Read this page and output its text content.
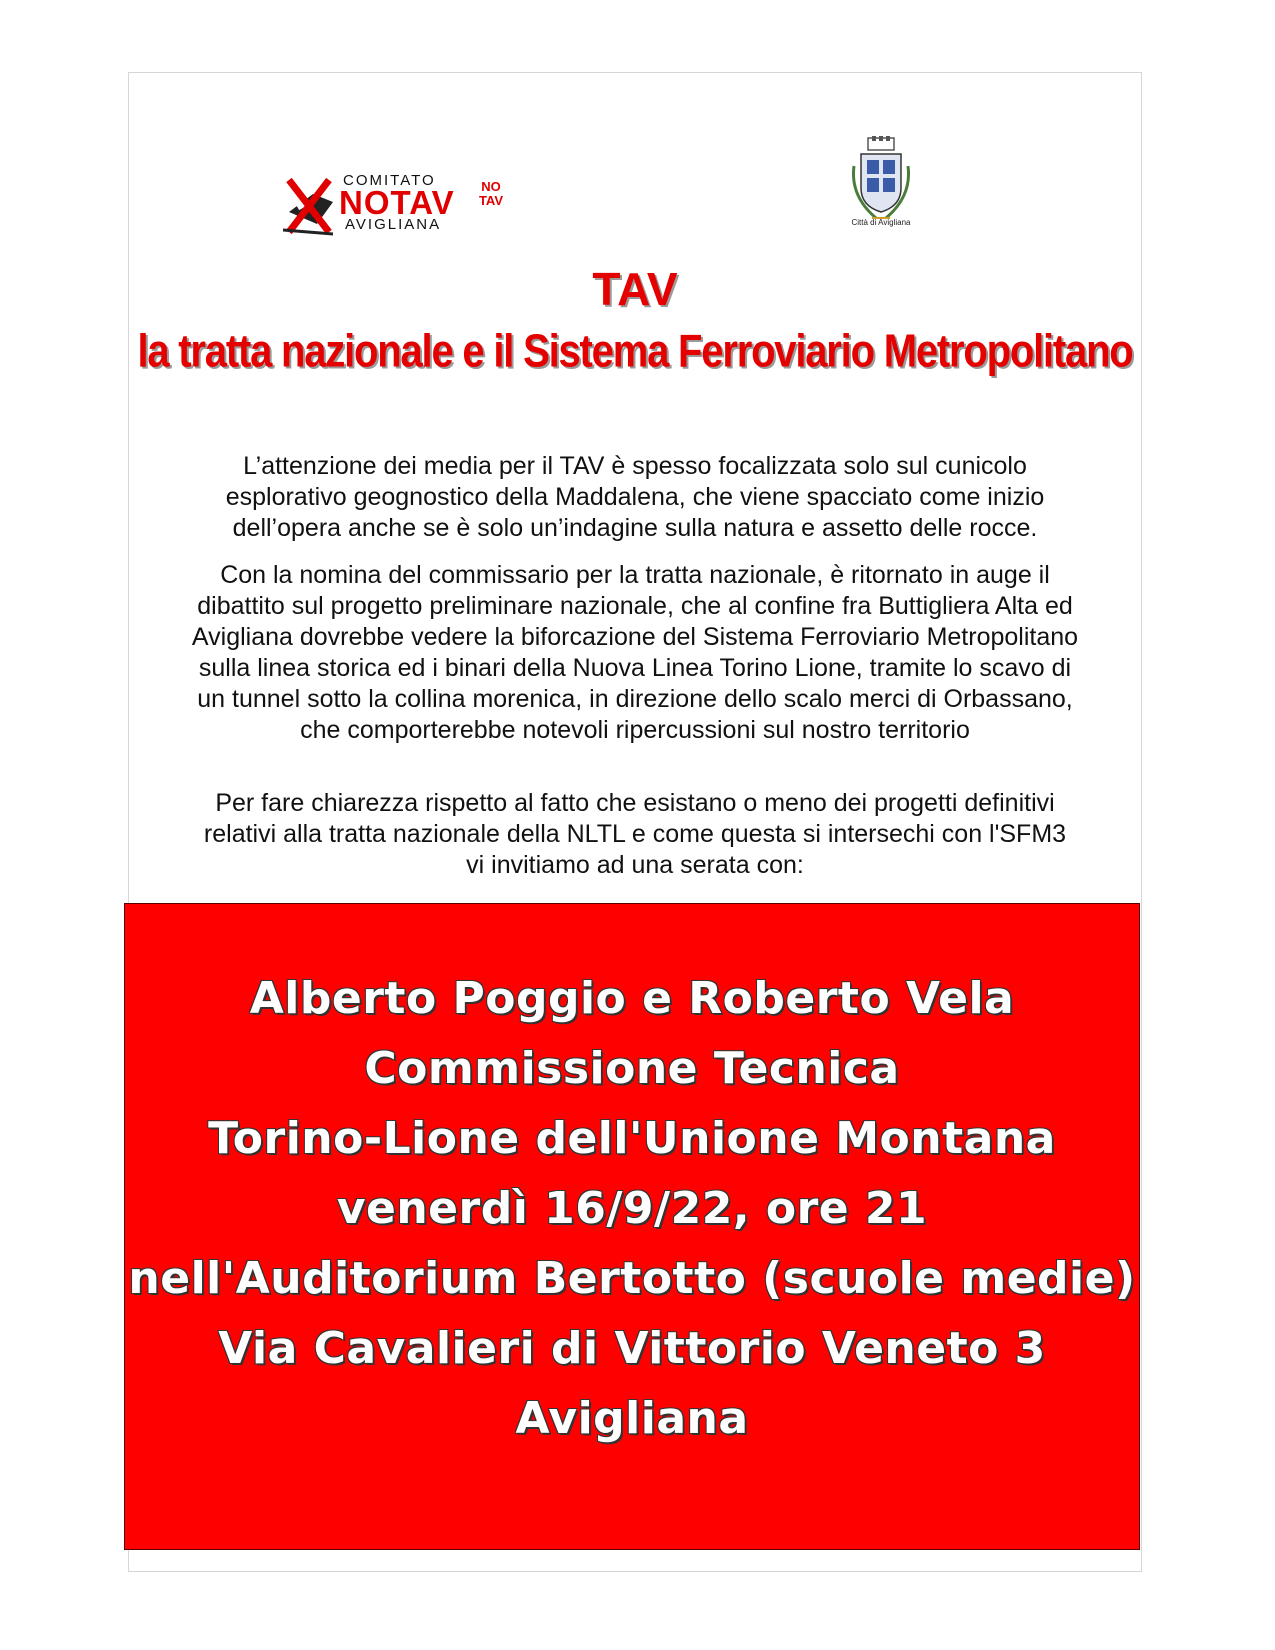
COMITATO
NOTAV
AVIGLIANA
NO
TAV
Città di Avigliana
TAV
la tratta nazionale e il Sistema Ferroviario Metropolitano
L’attenzione dei media per il TAV è spesso focalizzata solo sul cunicolo
esplorativo geognostico della Maddalena, che viene spacciato come inizio
dell’opera anche se è solo un’indagine sulla natura e assetto delle rocce.
Con la nomina del commissario per la tratta nazionale, è ritornato in auge il
dibattito sul progetto preliminare nazionale, che al confine fra Buttigliera Alta ed
Avigliana dovrebbe vedere la biforcazione del Sistema Ferroviario Metropolitano
sulla linea storica ed i binari della Nuova Linea Torino Lione, tramite lo scavo di
un tunnel sotto la collina morenica, in direzione dello scalo merci di Orbassano,
che comporterebbe notevoli ripercussioni sul nostro territorio
Per fare chiarezza rispetto al fatto che esistano o meno dei progetti definitivi
relativi alla tratta nazionale della NLTL e come questa si intersechi con l'SFM3
vi invitiamo ad una serata con:
Alberto Poggio e Roberto Vela
Commissione Tecnica
Torino-Lione dell'Unione Montana
venerdì 16/9/22, ore 21
nell'Auditorium Bertotto (scuole medie)
Via Cavalieri di Vittorio Veneto 3
Avigliana
